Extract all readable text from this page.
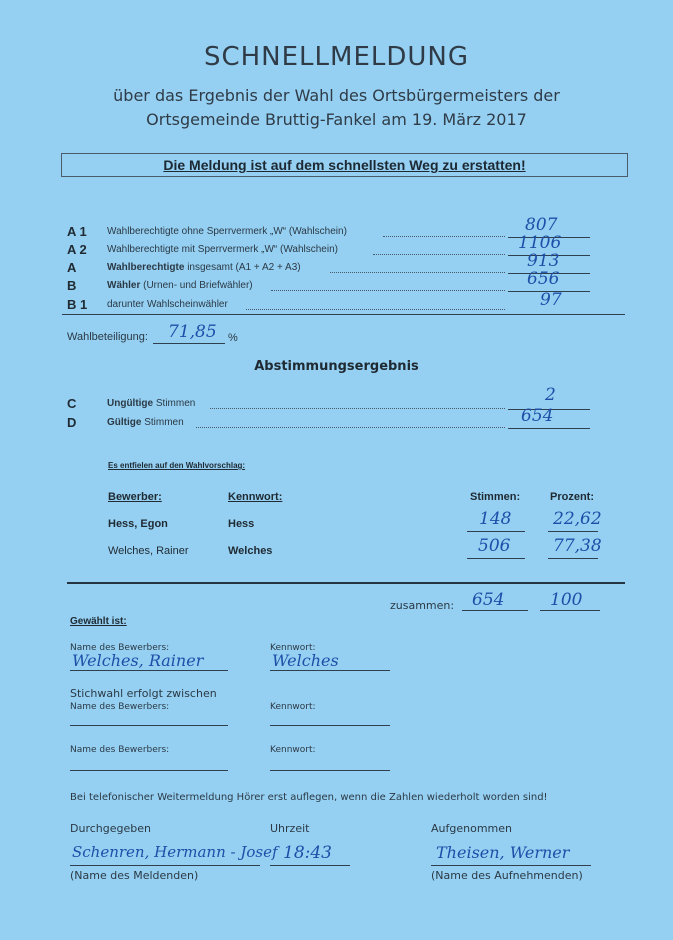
SCHNELLMELDUNG
über das Ergebnis der Wahl des Ortsbürgermeisters der
Ortsgemeinde Bruttig-Fankel am 19. März 2017
Die Meldung ist auf dem schnellsten Weg zu erstatten!
A 1 Wahlberechtigte ohne Sperrvermerk „W“ (Wahlschein)	807
A 2 Wahlberechtigte mit Sperrvermerk „W“ (Wahlschein)	1106
A	Wahlberechtigte insgesamt (A1 + A2 + A3)	913
B	Wähler (Urnen- und Briefwähler)	656
B 1 darunter Wahlscheinwähler	97
Wahlbeteiligung: 71,85 %
Abstimmungsergebnis
C	Ungültige Stimmen	2
D	Gültige Stimmen	654
Es entfielen auf den Wahlvorschlag:
Bewerber:	Kennwort:	Stimmen:	Prozent:
Hess, Egon	Hess	148 22,62
Welches, Rainer	Welches	506	77,38
zusammen: 654	100
Gewählt ist:
Name des Bewerbers:
Welches, Rainer
Kennwort:
Welches
Stichwahl erfolgt zwischen
Name des Bewerbers:	Kennwort:
Name des Bewerbers:	Kennwort:
Bei telefonischer Weitermeldung Hörer erst auflegen, wenn die Zahlen wiederholt worden sind!
Durchgegeben
Schenren, Hermann - Josef
(Name des Meldenden)
Uhrzeit
18:43
Aufgenommen
Theisen, Werner
(Name des Aufnehmenden)
